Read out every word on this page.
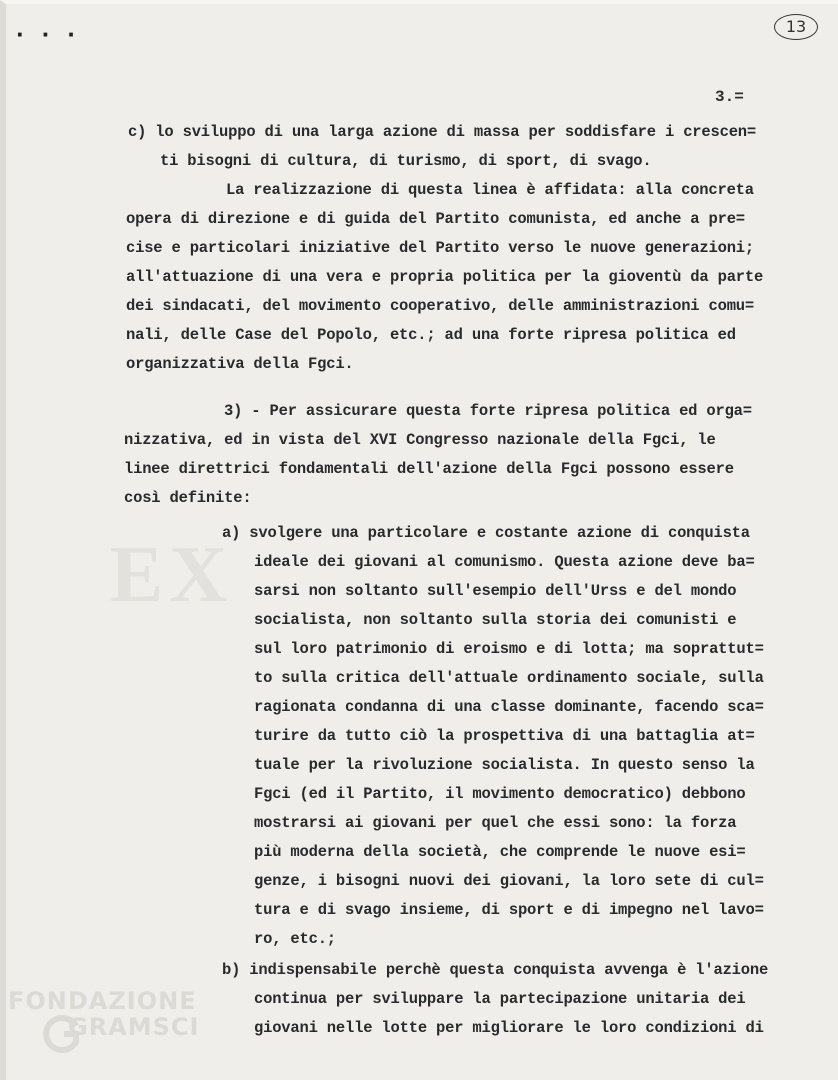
···	13
3.=
EX
c) lo sviluppo di una larga azione di massa per soddisfare i crescen=
ti bisogni di cultura, di turismo, di sport, di svago.
La realizzazione di questa linea è affidata: alla concreta
opera di direzione e di guida del Partito comunista, ed anche a pre=
cise e particolari iniziative del Partito verso le nuove generazioni;
all'attuazione di una vera e propria politica per la gioventù da parte
dei sindacati, del movimento cooperativo, delle amministrazioni comu=
nali, delle Case del Popolo, etc.; ad una forte ripresa politica ed
organizzativa della Fgci.
3) - Per assicurare questa forte ripresa politica ed orga=
nizzativa, ed in vista del XVI Congresso nazionale della Fgci, le
linee direttrici fondamentali dell'azione della Fgci possono essere
così definite:
a) svolgere una particolare e costante azione di conquista
ideale dei giovani al comunismo. Questa azione deve ba=
sarsi non soltanto sull'esempio dell'Urss e del mondo
socialista, non soltanto sulla storia dei comunisti e
sul loro patrimonio di eroismo e di lotta; ma soprattut=
to sulla critica dell'attuale ordinamento sociale, sulla
ragionata condanna di una classe dominante, facendo sca=
turire da tutto ciò la prospettiva di una battaglia at=
tuale per la rivoluzione socialista. In questo senso la
Fgci (ed il Partito, il movimento democratico) debbono
mostrarsi ai giovani per quel che essi sono: la forza
più moderna della società, che comprende le nuove esi=
genze, i bisogni nuovi dei giovani, la loro sete di cul=
tura e di svago insieme, di sport e di impegno nel lavo=
ro, etc.;
b) indispensabile perchè questa conquista avvenga è l'azione
continua per sviluppare la partecipazione unitaria dei
giovani nelle lotte per migliorare le loro condizioni di
FONDAZIONE
GRAMSCI
